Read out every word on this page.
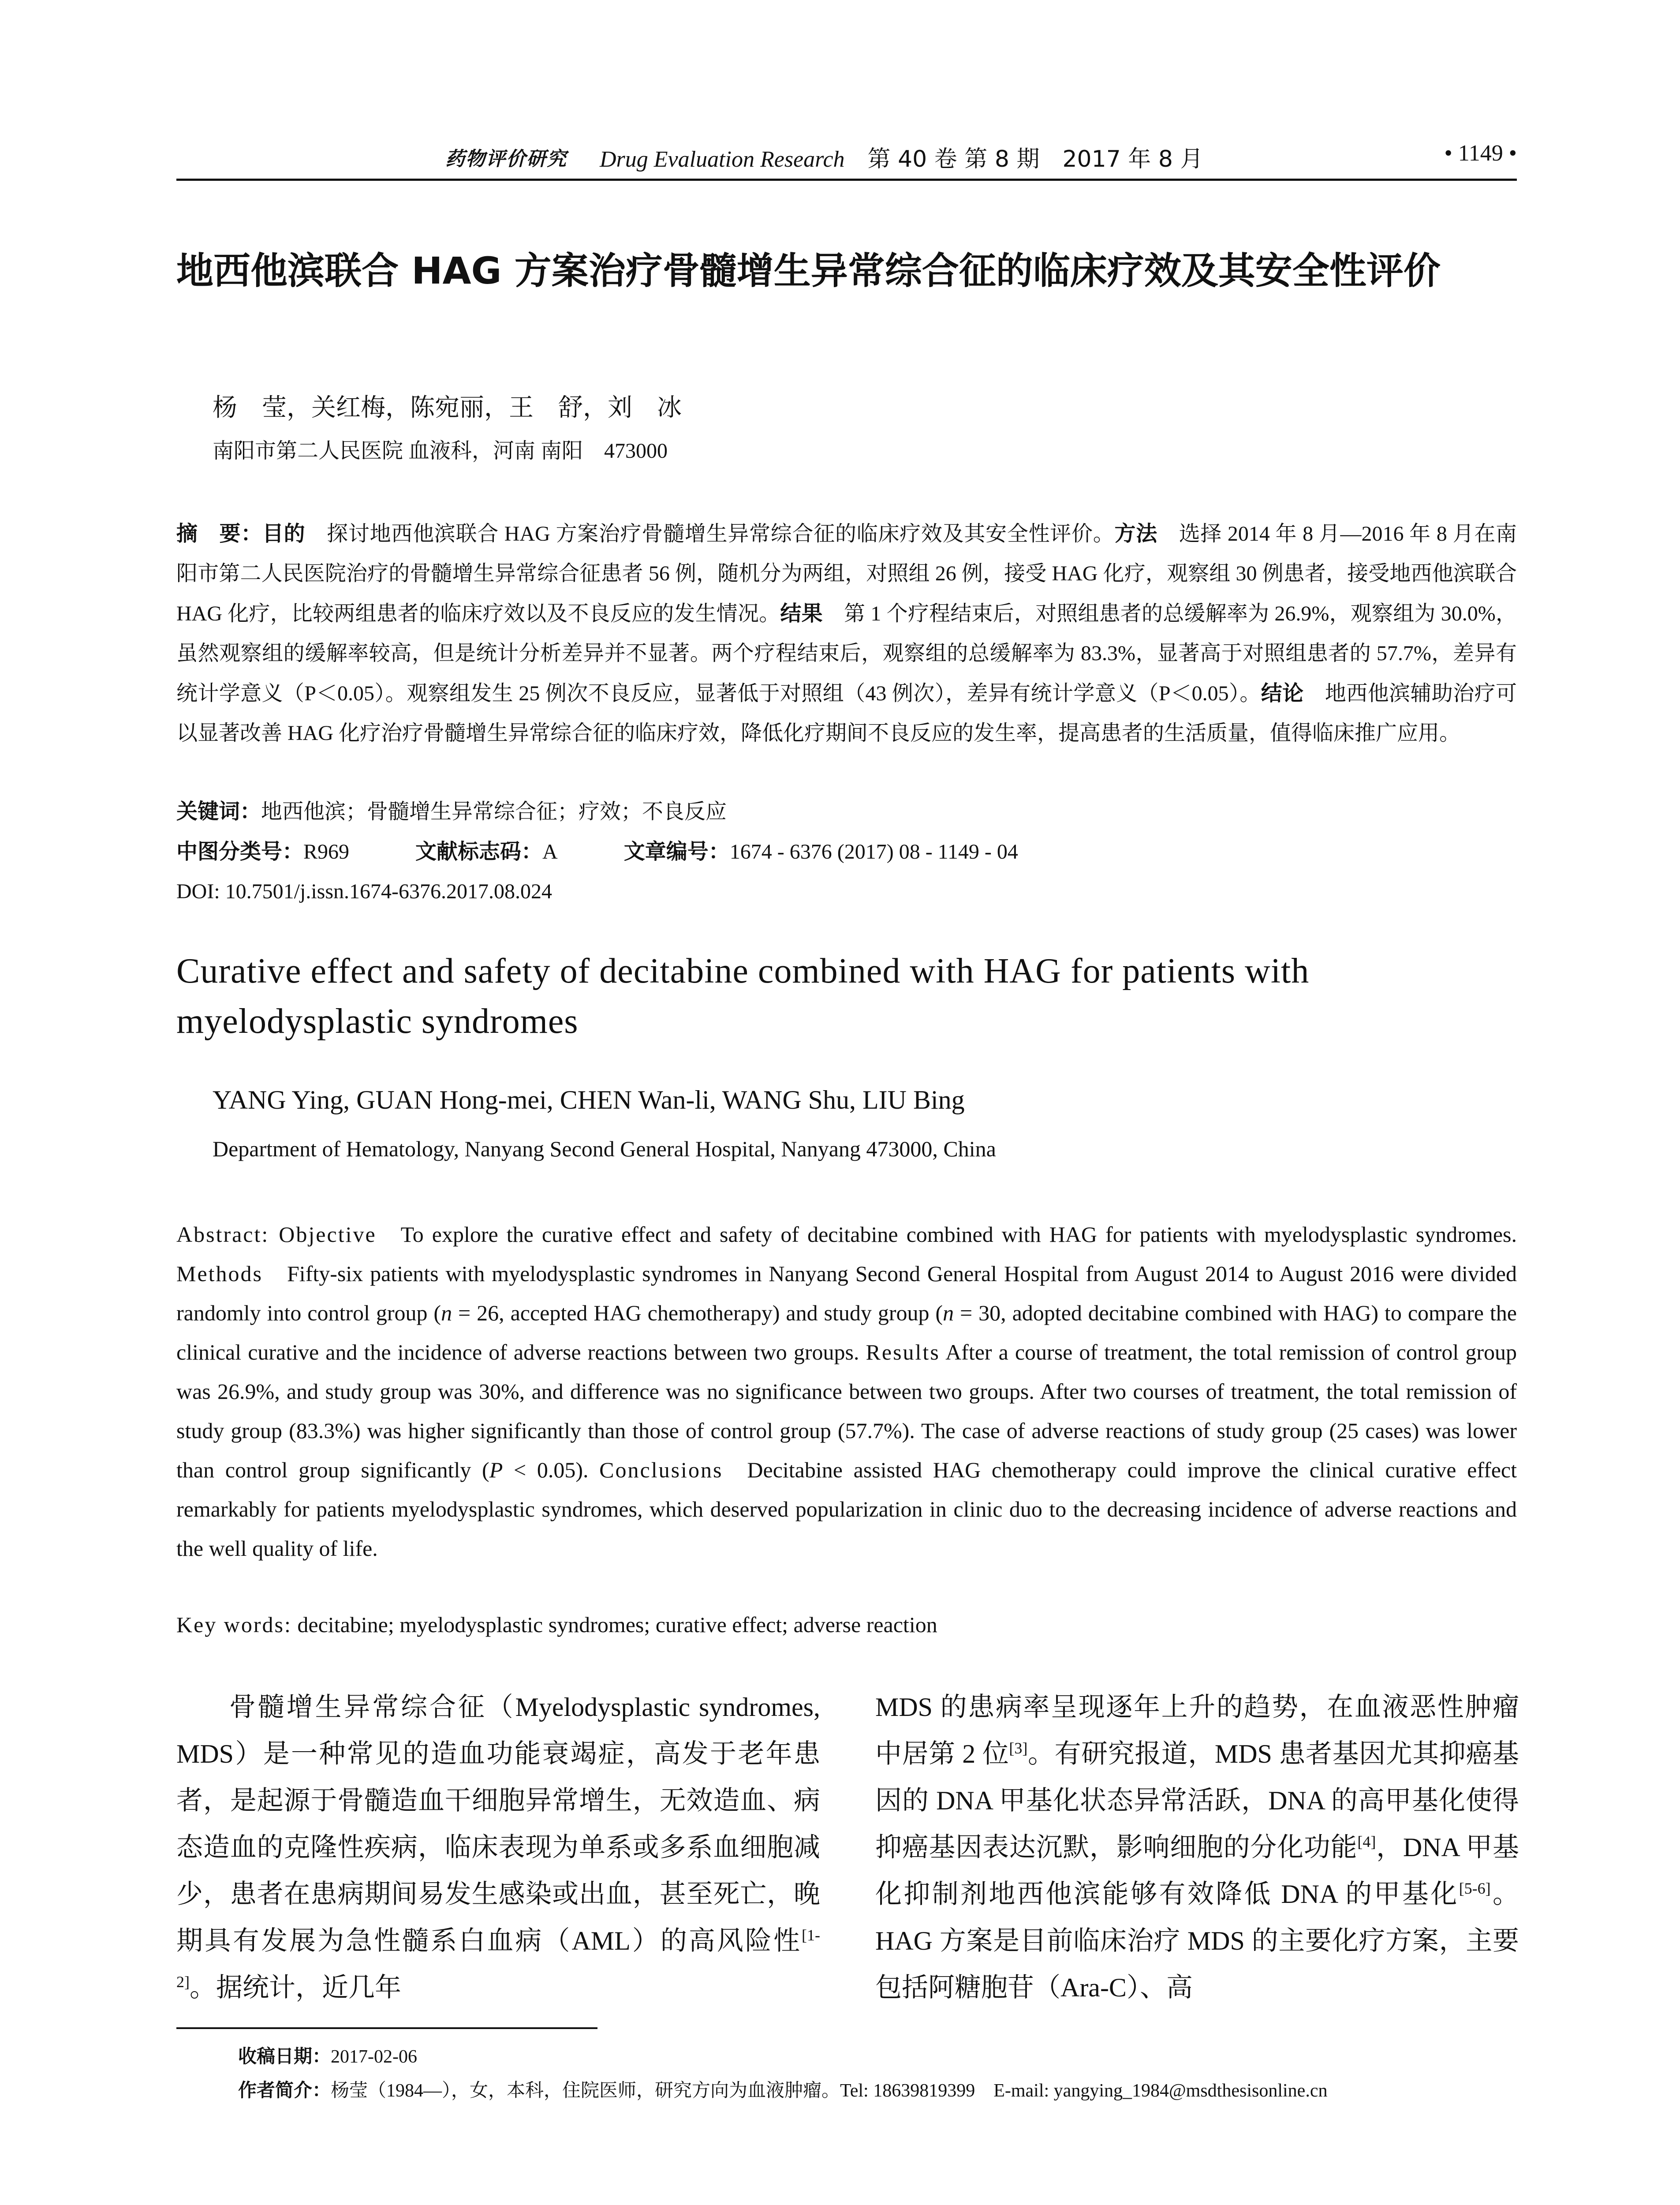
药物评价研究 Drug Evaluation Research　 第 40 卷 第 8 期　2017 年 8 月	• 1149 •
地西他滨联合 HAG 方案治疗骨髓增生异常综合征的临床疗效及其安全性评价
杨　莹，关红梅，陈宛丽，王　舒，刘　冰
南阳市第二人民医院 血液科，河南 南阳　473000
摘　要：目的　探讨地西他滨联合 HAG 方案治疗骨髓增生异常综合征的临床疗效及其安全性评价。方法　选择 2014 年 8 月—2016 年 8 月在南阳市第二人民医院治疗的骨髓增生异常综合征患者 56 例，随机分为两组，对照组 26 例，接受 HAG 化疗，观察组 30 例患者，接受地西他滨联合 HAG 化疗，比较两组患者的临床疗效以及不良反应的发生情况。结果　第 1 个疗程结束后，对照组患者的总缓解率为 26.9%，观察组为 30.0%，虽然观察组的缓解率较高，但是统计分析差异并不显著。两个疗程结束后，观察组的总缓解率为 83.3%，显著高于对照组患者的 57.7%，差异有统计学意义（P＜0.05）。观察组发生 25 例次不良反应，显著低于对照组（43 例次），差异有统计学意义（P＜0.05）。结论　地西他滨辅助治疗可以显著改善 HAG 化疗治疗骨髓增生异常综合征的临床疗效，降低化疗期间不良反应的发生率，提高患者的生活质量，值得临床推广应用。
关键词：地西他滨；骨髓增生异常综合征；疗效；不良反应
中图分类号：R969	文献标志码：A	文章编号：1674 - 6376 (2017) 08 - 1149 - 04
DOI: 10.7501/j.issn.1674-6376.2017.08.024
Curative effect and safety of decitabine combined with HAG for patients with myelodysplastic syndromes
YANG Ying, GUAN Hong-mei, CHEN Wan-li, WANG Shu, LIU Bing
Department of Hematology, Nanyang Second General Hospital, Nanyang 473000, China
Abstract: Objective To explore the curative effect and safety of decitabine combined with HAG for patients with myelodysplastic syndromes. Methods Fifty-six patients with myelodysplastic syndromes in Nanyang Second General Hospital from August 2014 to August 2016 were divided randomly into control group (n = 26, accepted HAG chemotherapy) and study group (n = 30, adopted decitabine combined with HAG) to compare the clinical curative and the incidence of adverse reactions between two groups. Results After a course of treatment, the total remission of control group was 26.9%, and study group was 30%, and difference was no significance between two groups. After two courses of treatment, the total remission of study group (83.3%) was higher significantly than those of control group (57.7%). The case of adverse reactions of study group (25 cases) was lower than control group significantly (P < 0.05). Conclusions Decitabine assisted HAG chemotherapy could improve the clinical curative effect remarkably for patients myelodysplastic syndromes, which deserved popularization in clinic duo to the decreasing incidence of adverse reactions and the well quality of life.
Key words: decitabine; myelodysplastic syndromes; curative effect; adverse reaction

骨髓增生异常综合征（Myelodysplastic syndromes, MDS）是一种常见的造血功能衰竭症，高发于老年患者，是起源于骨髓造血干细胞异常增生，无效造血、病态造血的克隆性疾病，临床表现为单系或多系血细胞减少，患者在患病期间易发生感染或出血，甚至死亡，晚期具有发展为急性髓系白血病（AML）的高风险性[1-2]。据统计，近几年

MDS 的患病率呈现逐年上升的趋势，在血液恶性肿瘤中居第 2 位[3]。有研究报道，MDS 患者基因尤其抑癌基因的 DNA 甲基化状态异常活跃，DNA 的高甲基化使得抑癌基因表达沉默，影响细胞的分化功能[4]，DNA 甲基化抑制剂地西他滨能够有效降低 DNA 的甲基化[5-6]。HAG 方案是目前临床治疗 MDS 的主要化疗方案，主要包括阿糖胞苷（Ara-C）、高

收稿日期：2017-02-06
作者简介：杨莹（1984—），女，本科，住院医师，研究方向为血液肿瘤。Tel: 18639819399　E-mail: yangying_1984@msdthesisonline.cn
